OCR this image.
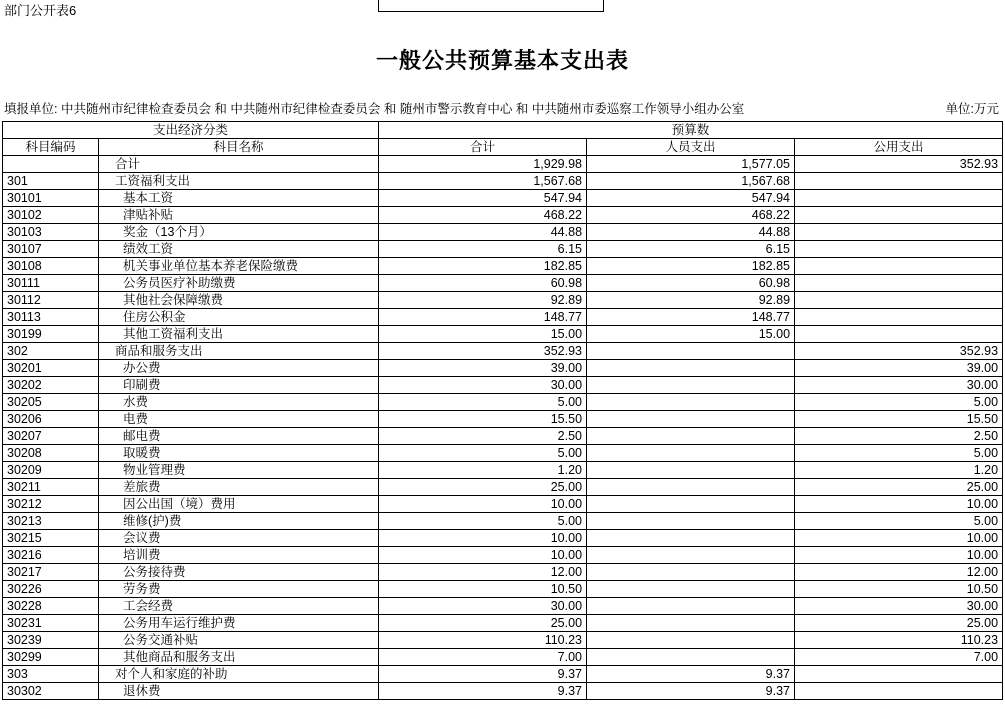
部门公开表6
一般公共预算基本支出表
填报单位: 中共随州市纪律检查委员会 和 中共随州市纪律检查委员会 和 随州市警示教育中心 和 中共随州市委巡察工作领导小组办公室	单位:万元
支出经济分类		预算数		
科目编码	科目名称	合计	人员支出	公用支出
	合计	1,929.98	1,577.05	352.93
301	工资福利支出	1,567.68	1,567.68	
30101	基本工资	547.94	547.94	
30102	津贴补贴	468.22	468.22	
30103	奖金（13个月）	44.88	44.88	
30107	绩效工资	6.15	6.15	
30108	机关事业单位基本养老保险缴费	182.85	182.85	
30111	公务员医疗补助缴费	60.98	60.98	
30112	其他社会保障缴费	92.89	92.89	
30113	住房公积金	148.77	148.77	
30199	其他工资福利支出	15.00	15.00	
302	商品和服务支出	352.93		352.93
30201	办公费	39.00		39.00
30202	印刷费	30.00		30.00
30205	水费	5.00		5.00
30206	电费	15.50		15.50
30207	邮电费	2.50		2.50
30208	取暖费	5.00		5.00
30209	物业管理费	1.20		1.20
30211	差旅费	25.00		25.00
30212	因公出国（境）费用	10.00		10.00
30213	维修(护)费	5.00		5.00
30215	会议费	10.00		10.00
30216	培训费	10.00		10.00
30217	公务接待费	12.00		12.00
30226	劳务费	10.50		10.50
30228	工会经费	30.00		30.00
30231	公务用车运行维护费	25.00		25.00
30239	公务交通补贴	110.23		110.23
30299	其他商品和服务支出	7.00		7.00
303	对个人和家庭的补助	9.37	9.37	
30302	退休费	9.37	9.37	
